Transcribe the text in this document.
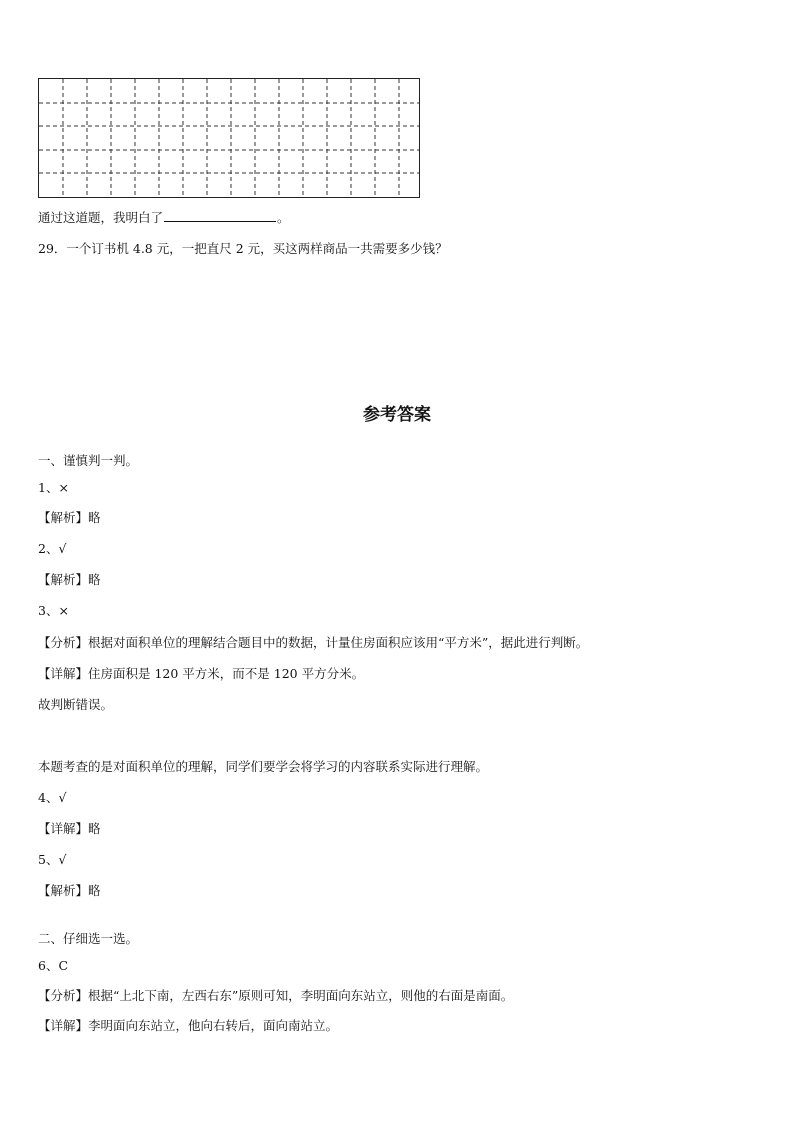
通过这道题，我明白了	。

29．一个订书机 4.8 元，一把直尺 2 元，买这两样商品一共需要多少钱？

参考答案

一、谨慎判一判。

1、×

【解析】略

2、√

【解析】略

3、×

【分析】根据对面积单位的理解结合题目中的数据，计量住房面积应该用“平方米”，据此进行判断。

【详解】住房面积是 120 平方米，而不是 120 平方分米。

故判断错误。

本题考查的是对面积单位的理解，同学们要学会将学习的内容联系实际进行理解。

4、√

【详解】略

5、√

【解析】略

二、仔细选一选。

6、C

【分析】根据“上北下南，左西右东”原则可知，李明面向东站立，则他的右面是南面。

【详解】李明面向东站立，他向右转后，面向南站立。
